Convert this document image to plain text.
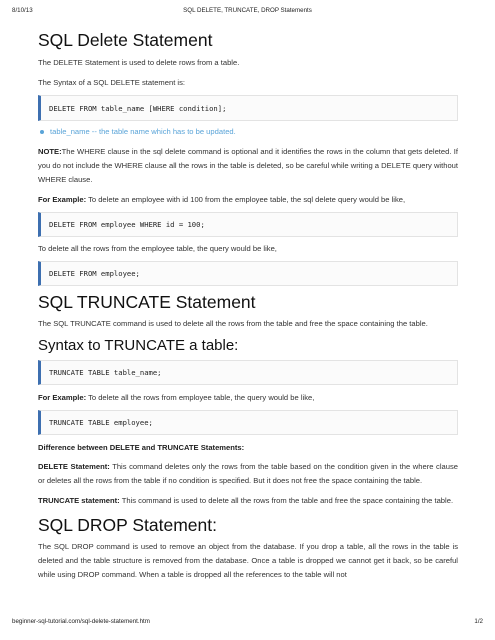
8/10/13	SQL DELETE, TRUNCATE, DROP Statements
SQL Delete Statement

The DELETE Statement is used to delete rows from a table.

The Syntax of a SQL DELETE statement is:

DELETE FROM table_name [WHERE condition];
table_name -- the table name which has to be updated.

NOTE:The WHERE clause in the sql delete command is optional and it identifies the rows in the column that gets deleted. If you do not include the WHERE clause all the rows in the table is deleted, so be careful while writing a DELETE query without WHERE clause.

For Example: To delete an employee with id 100 from the employee table, the sql delete query would be like,

DELETE FROM employee WHERE id = 100;

To delete all the rows from the employee table, the query would be like,

DELETE FROM employee;
SQL TRUNCATE Statement

The SQL TRUNCATE command is used to delete all the rows from the table and free the space containing the table.

Syntax to TRUNCATE a table:
TRUNCATE TABLE table_name;

For Example: To delete all the rows from employee table, the query would be like,

TRUNCATE TABLE employee;

Difference between DELETE and TRUNCATE Statements:

DELETE Statement: This command deletes only the rows from the table based on the condition given in the where clause or deletes all the rows from the table if no condition is specified. But it does not free the space containing the table.

TRUNCATE statement: This command is used to delete all the rows from the table and free the space containing the table.

SQL DROP Statement:

The SQL DROP command is used to remove an object from the database. If you drop a table, all the rows in the table is deleted and the table structure is removed from the database. Once a table is dropped we cannot get it back, so be careful while using DROP command. When a table is dropped all the references to the table will not

beginner-sql-tutorial.com/sql-delete-statement.htm	1/2
